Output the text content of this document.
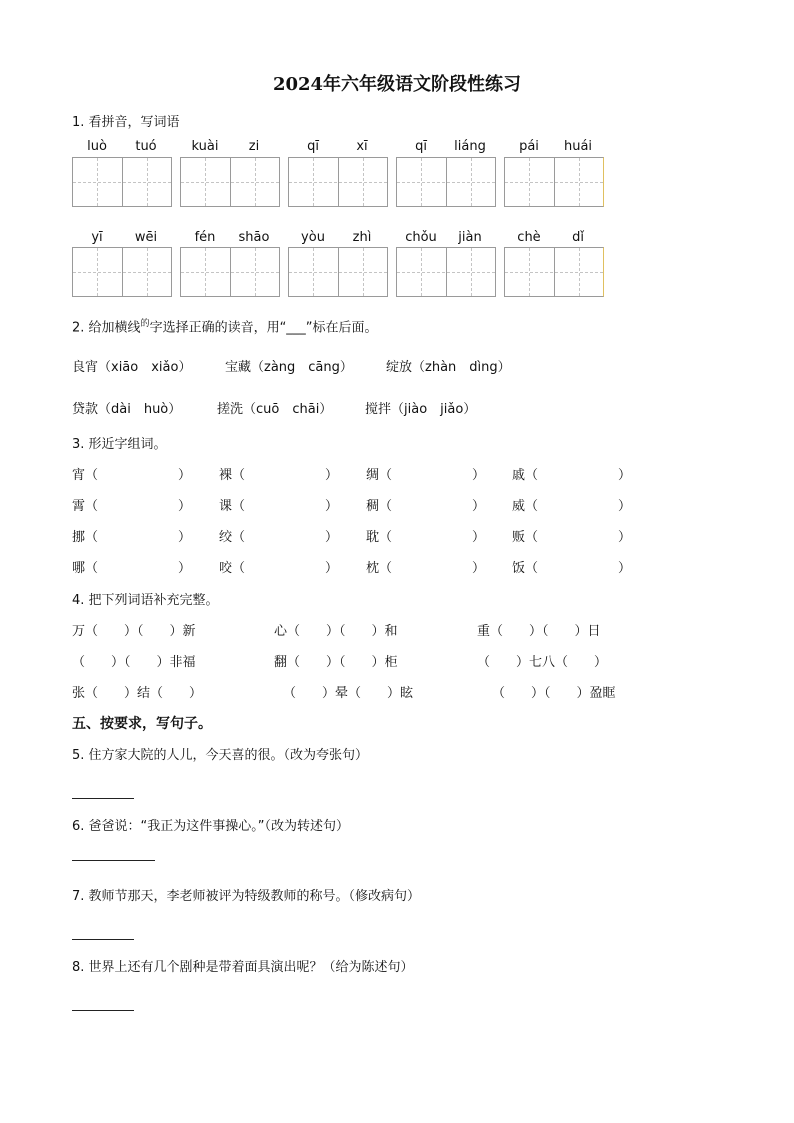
2024年六年级语文阶段性练习
1. 看拼音，写词语
luò	tuó	kuài	zi	qī	xī	qī	liáng	pái	huái
yī	wēi	fén	shāo	yòu	zhì	chǒu	jiàn	chè	dǐ
2. 给加横线$^的$字选择正确的读音，用“___”标在后面。
良宵（xiāo　xiǎo）	宝藏（zàng　cāng）	绽放（zhàn　dìng）
贷款（dài　huò）	搓洗（cuō　chāi）	搅拌（jiào　jiǎo）
3. 形近字组词。
宵（	） 裸（	） 绸（	） 戚（	）
霄（	） 课（	） 稠（	） 威（	）
挪（	） 绞（	） 耽（	） 贩（	）
哪（	） 咬（	） 枕（	） 饭（	）
4. 把下列词语补充完整。
万（　　）（　　）新	心（　　）（　　）和	重（　　）（　　）日
（　　）（　　）非福	翻（　　）（　　）柜	（　　）七八（　　）
张（　　）结（　　）	（　　）晕（　　）眩	（　　）（　　）盈眶
五、按要求，写句子。
5. 住方家大院的人儿，今天喜的很。（改为夸张句）
6. 爸爸说：“我正为这件事操心。”（改为转述句）
7. 教师节那天，李老师被评为特级教师的称号。（修改病句）
8. 世界上还有几个剧种是带着面具演出呢？（给为陈述句）
